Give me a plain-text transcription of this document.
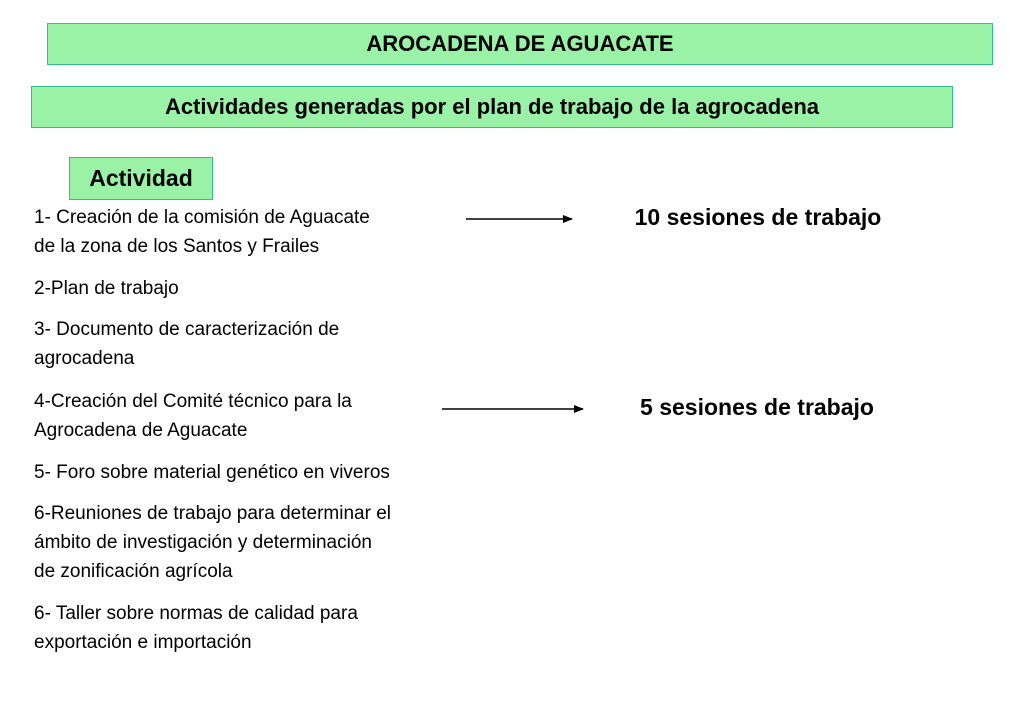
AROCADENA DE AGUACATE
Actividades generadas por el plan de trabajo de la agrocadena
Actividad
1- Creación de la comisión de Aguacate
de la zona de los Santos y Frailes
2-Plan de trabajo
3- Documento de caracterización de
agrocadena
4-Creación del Comité técnico para la
Agrocadena de Aguacate
5- Foro sobre material genético en viveros
6-Reuniones de trabajo para determinar el
ámbito de investigación y determinación
de zonificación agrícola
6- Taller sobre normas de calidad para
exportación e importación
10 sesiones de trabajo
5 sesiones de trabajo
